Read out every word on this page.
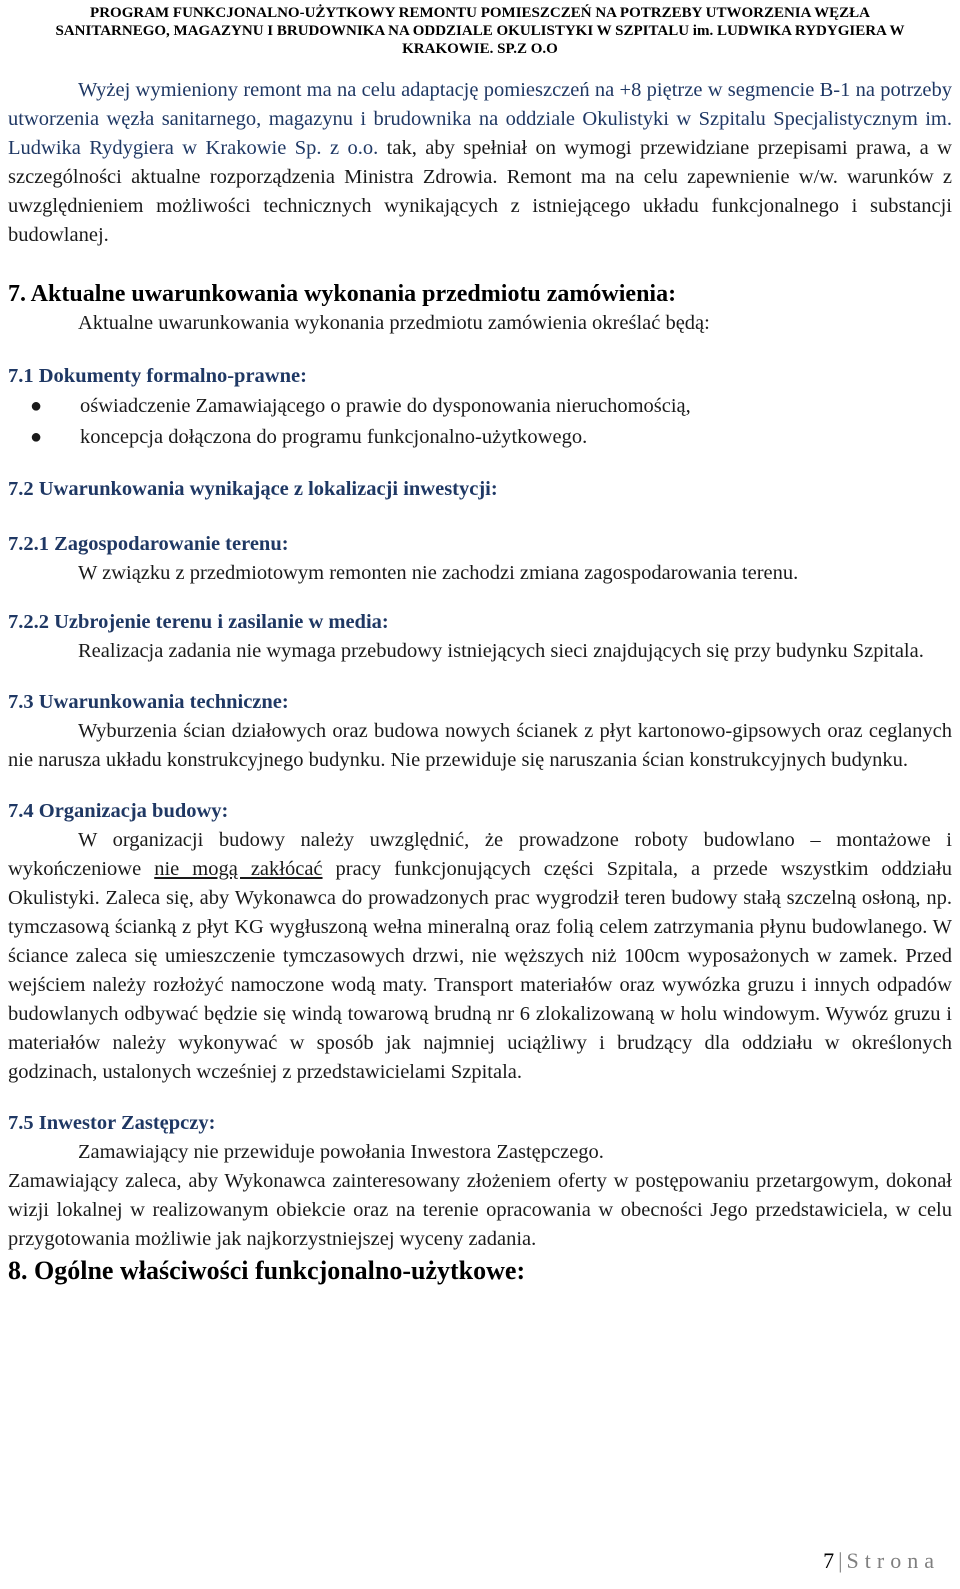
PROGRAM FUNKCJONALNO-UŻYTKOWY REMONTU POMIESZCZEŃ NA POTRZEBY UTWORZENIA WĘZŁA
SANITARNEGO, MAGAZYNU I BRUDOWNIKA NA ODDZIALE OKULISTYKI W SZPITALU im. LUDWIKA RYDYGIERA W
KRAKOWIE. SP.Z O.O

Wyżej wymieniony remont ma na celu adaptację pomieszczeń na +8 piętrze w segmencie B-1 na potrzeby utworzenia węzła sanitarnego, magazynu i brudownika na oddziale Okulistyki w Szpitalu Specjalistycznym im. Ludwika Rydygiera w Krakowie Sp. z o.o. tak, aby spełniał on wymogi przewidziane przepisami prawa, a w szczególności aktualne rozporządzenia Ministra Zdrowia. Remont ma na celu zapewnienie w/w. warunków z uwzględnieniem możliwości technicznych wynikających z istniejącego układu funkcjonalnego i substancji budowlanej.

7. Aktualne uwarunkowania wykonania przedmiotu zamówienia:

Aktualne uwarunkowania wykonania przedmiotu zamówienia określać będą:

7.1 Dokumenty formalno-prawne:

● oświadczenie Zamawiającego o prawie do dysponowania nieruchomością,
● koncepcja dołączona do programu funkcjonalno-użytkowego.

7.2 Uwarunkowania wynikające z lokalizacji inwestycji:

7.2.1 Zagospodarowanie terenu:

W związku z przedmiotowym remonten nie zachodzi zmiana zagospodarowania terenu.

7.2.2 Uzbrojenie terenu i zasilanie w media:

Realizacja zadania nie wymaga przebudowy istniejących sieci znajdujących się przy budynku Szpitala.

7.3 Uwarunkowania techniczne:

Wyburzenia ścian działowych oraz budowa nowych ścianek z płyt kartonowo-gipsowych oraz ceglanych nie narusza układu konstrukcyjnego budynku. Nie przewiduje się naruszania ścian konstrukcyjnych budynku.

7.4 Organizacja budowy:

W organizacji budowy należy uwzględnić, że prowadzone roboty budowlano – montażowe i wykończeniowe nie mogą zakłócać pracy funkcjonujących części Szpitala, a przede wszystkim oddziału Okulistyki. Zaleca się, aby Wykonawca do prowadzonych prac wygrodził teren budowy stałą szczelną osłoną, np. tymczasową ścianką z płyt KG wygłuszoną wełna mineralną oraz folią celem zatrzymania płynu budowlanego. W ściance zaleca się umieszczenie tymczasowych drzwi, nie węższych niż 100cm wyposażonych w zamek. Przed wejściem należy rozłożyć namoczone wodą maty. Transport materiałów oraz wywózka gruzu i innych odpadów budowlanych odbywać będzie się windą towarową brudną nr 6 zlokalizowaną w holu windowym. Wywóz gruzu i materiałów należy wykonywać w sposób jak najmniej uciążliwy i brudzący dla oddziału w określonych godzinach, ustalonych wcześniej z przedstawicielami Szpitala.

7.5 Inwestor Zastępczy:

Zamawiający nie przewiduje powołania Inwestora Zastępczego.

Zamawiający zaleca, aby Wykonawca zainteresowany złożeniem oferty w postępowaniu przetargowym, dokonał wizji lokalnej w realizowanym obiekcie oraz na terenie opracowania w obecności Jego przedstawiciela, w celu przygotowania możliwie jak najkorzystniejszej wyceny zadania.

8. Ogólne właściwości funkcjonalno-użytkowe:

7 | Strona
